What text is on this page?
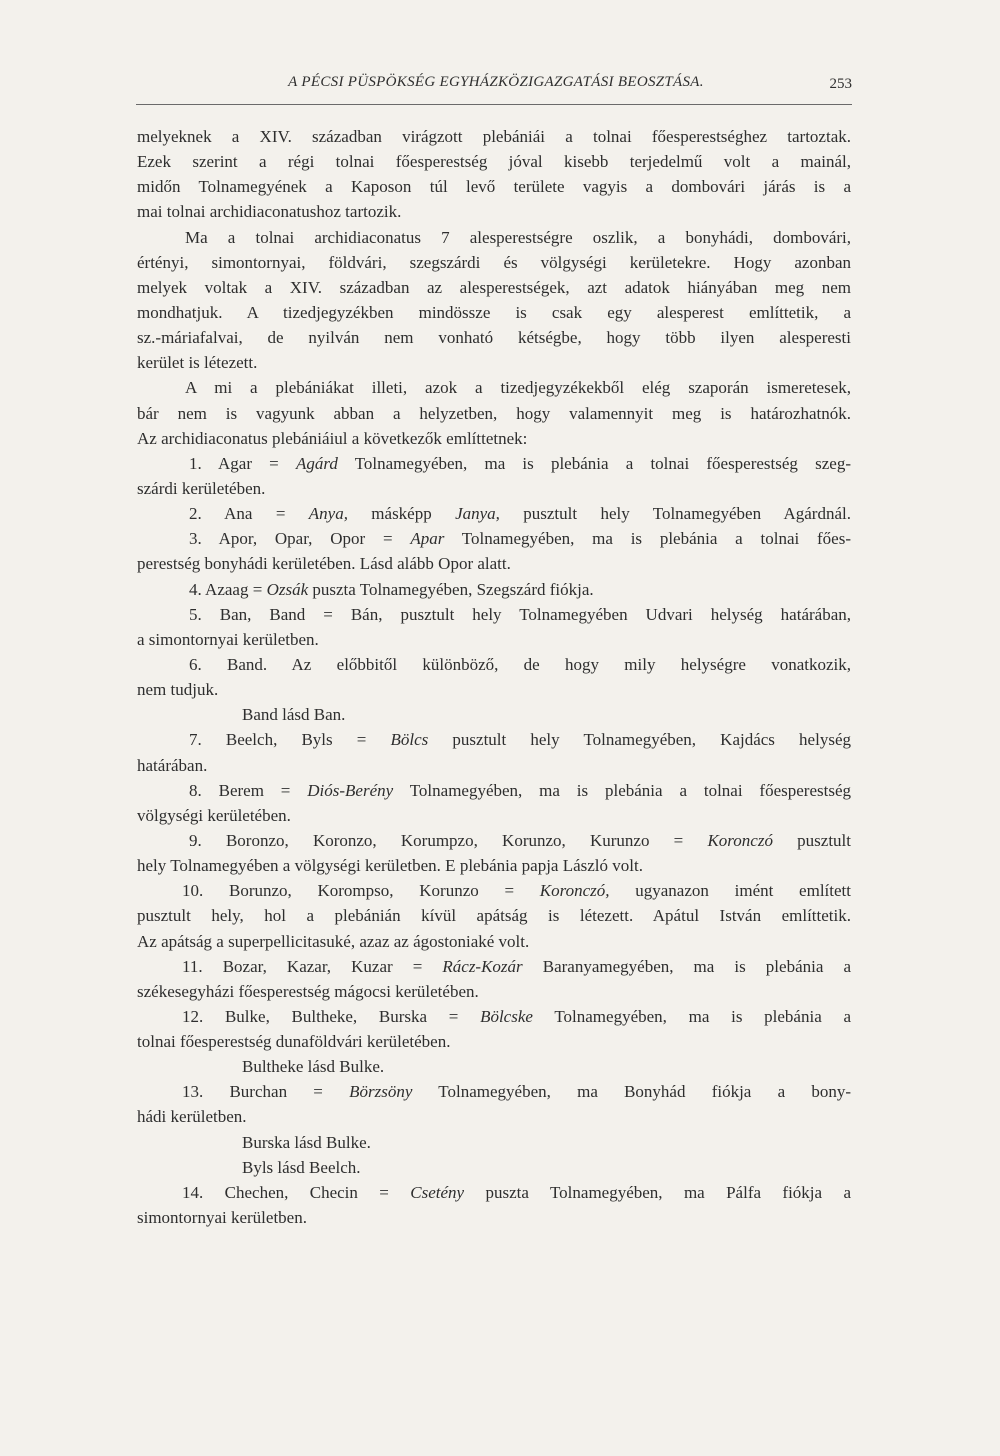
A PÉCSI PÜSPÖKSÉG EGYHÁZKÖZIGAZGATÁSI BEOSZTÁSA.	253
melyeknek a XIV. században virágzott plebániái a tolnai főesperestséghez tartoztak.
Ezek szerint a régi tolnai főesperestség jóval kisebb terjedelmű volt a mainál,
midőn Tolnamegyének a Kaposon túl levő területe vagyis a dombovári járás is a
mai tolnai archidiaconatushoz tartozik.
Ma a tolnai archidiaconatus 7 alesperestségre oszlik, a bonyhádi, dombovári,
értényi, simontornyai, földvári, szegszárdi és völgységi kerületekre. Hogy azonban
melyek voltak a XIV. században az alesperestségek, azt adatok hiányában meg nem
mondhatjuk. A tizedjegyzékben mindössze is csak egy alesperest említtetik, a
sz.-máriafalvai, de nyilván nem vonható kétségbe, hogy több ilyen alesperesti
kerület is létezett.
A mi a plebániákat illeti, azok a tizedjegyzékekből elég szaporán ismeretesek,
bár nem is vagyunk abban a helyzetben, hogy valamennyit meg is határozhatnók.
Az archidiaconatus plebániáiul a következők említtetnek:
1. Agar = Agárd Tolnamegyében, ma is plebánia a tolnai főesperestség szeg-
szárdi kerületében.
2. Ana = Anya, másképp Janya, pusztult hely Tolnamegyében Agárdnál.
3. Apor, Opar, Opor = Apar Tolnamegyében, ma is plebánia a tolnai főes-
perestség bonyhádi kerületében. Lásd alább Opor alatt.
4. Azaag = Ozsák puszta Tolnamegyében, Szegszárd fiókja.
5. Ban, Band = Bán, pusztult hely Tolnamegyében Udvari helység határában,
a simontornyai kerületben.
6. Band. Az előbbitől különböző, de hogy mily helységre vonatkozik,
nem tudjuk.
Band lásd Ban.
7. Beelch, Byls = Bölcs pusztult hely Tolnamegyében, Kajdács helység
határában.
8. Berem = Diós-Berény Tolnamegyében, ma is plebánia a tolnai főesperestség
völgységi kerületében.
9. Boronzo, Koronzo, Korumpzo, Korunzo, Kurunzo = Koronczó pusztult
hely Tolnamegyében a völgységi kerületben. E plebánia papja László volt.
10. Borunzo, Korompso, Korunzo = Koronczó, ugyanazon imént említett
pusztult hely, hol a plebánián kívül apátság is létezett. Apátul István említtetik.
Az apátság a superpellicitasuké, azaz az ágostoniaké volt.
11. Bozar, Kazar, Kuzar = Rácz-Kozár Baranyamegyében, ma is plebánia a
székesegyházi főesperestség mágocsi kerületében.
12. Bulke, Bultheke, Burska = Bölcske Tolnamegyében, ma is plebánia a
tolnai főesperestség dunaföldvári kerületében.
Bultheke lásd Bulke.
13. Burchan = Börzsöny Tolnamegyében, ma Bonyhád fiókja a bony-
hádi kerületben.
Burska lásd Bulke.
Byls lásd Beelch.
14. Chechen, Checin = Csetény puszta Tolnamegyében, ma Pálfa fiókja a
simontornyai kerületben.
